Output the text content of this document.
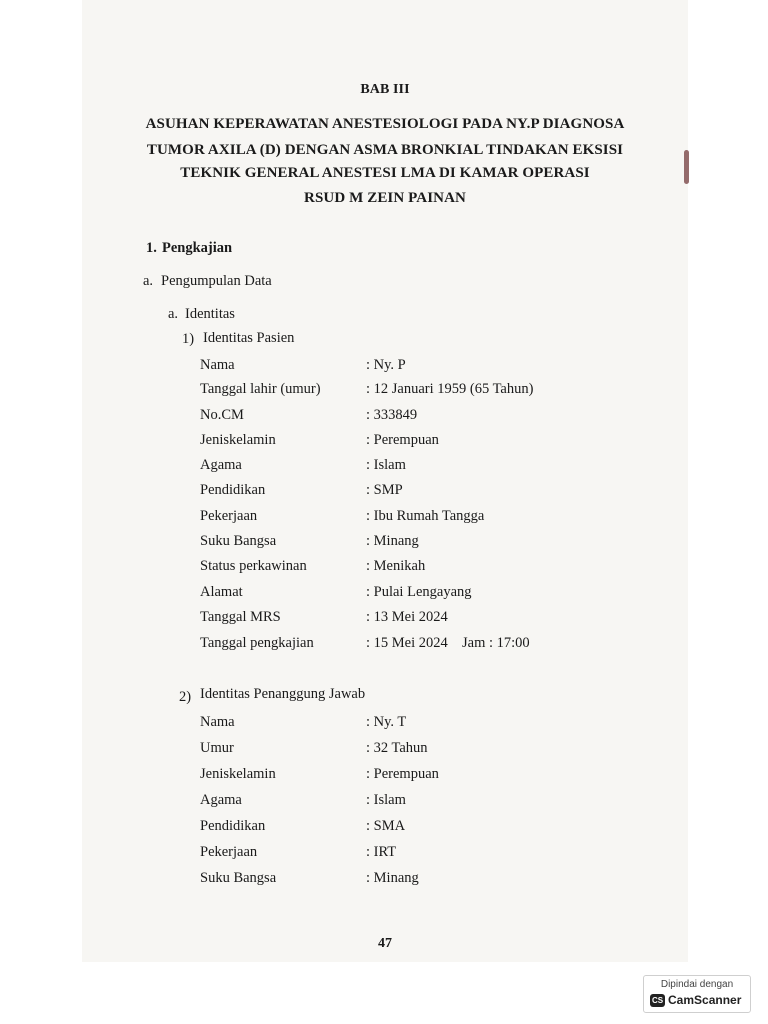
BAB III
ASUHAN KEPERAWATAN ANESTESIOLOGI PADA NY.P DIAGNOSA
TUMOR AXILA (D) DENGAN ASMA BRONKIAL TINDAKAN EKSISI
TEKNIK GENERAL ANESTESI LMA DI KAMAR OPERASI
RSUD M ZEIN PAINAN
1. Pengkajian
a. Pengumpulan Data
a. Identitas
1) Identitas Pasien
Nama	: Ny. P
Tanggal lahir (umur)	: 12 Januari 1959 (65 Tahun)
No.CM	: 333849
Jeniskelamin	: Perempuan
Agama	: Islam
Pendidikan	: SMP
Pekerjaan	: Ibu Rumah Tangga
Suku Bangsa	: Minang
Status perkawinan	: Menikah
Alamat	: Pulai Lengayang
Tanggal MRS	: 13 Mei 2024
Tanggal pengkajian	: 15 Mei 2024 Jam : 17:00
2) Identitas Penanggung Jawab
Nama	: Ny. T
Umur	: 32 Tahun
Jeniskelamin	: Perempuan
Agama	: Islam
Pendidikan	: SMA
Pekerjaan	: IRT
Suku Bangsa	: Minang
47
Dipindai dengan
CS CamScanner
